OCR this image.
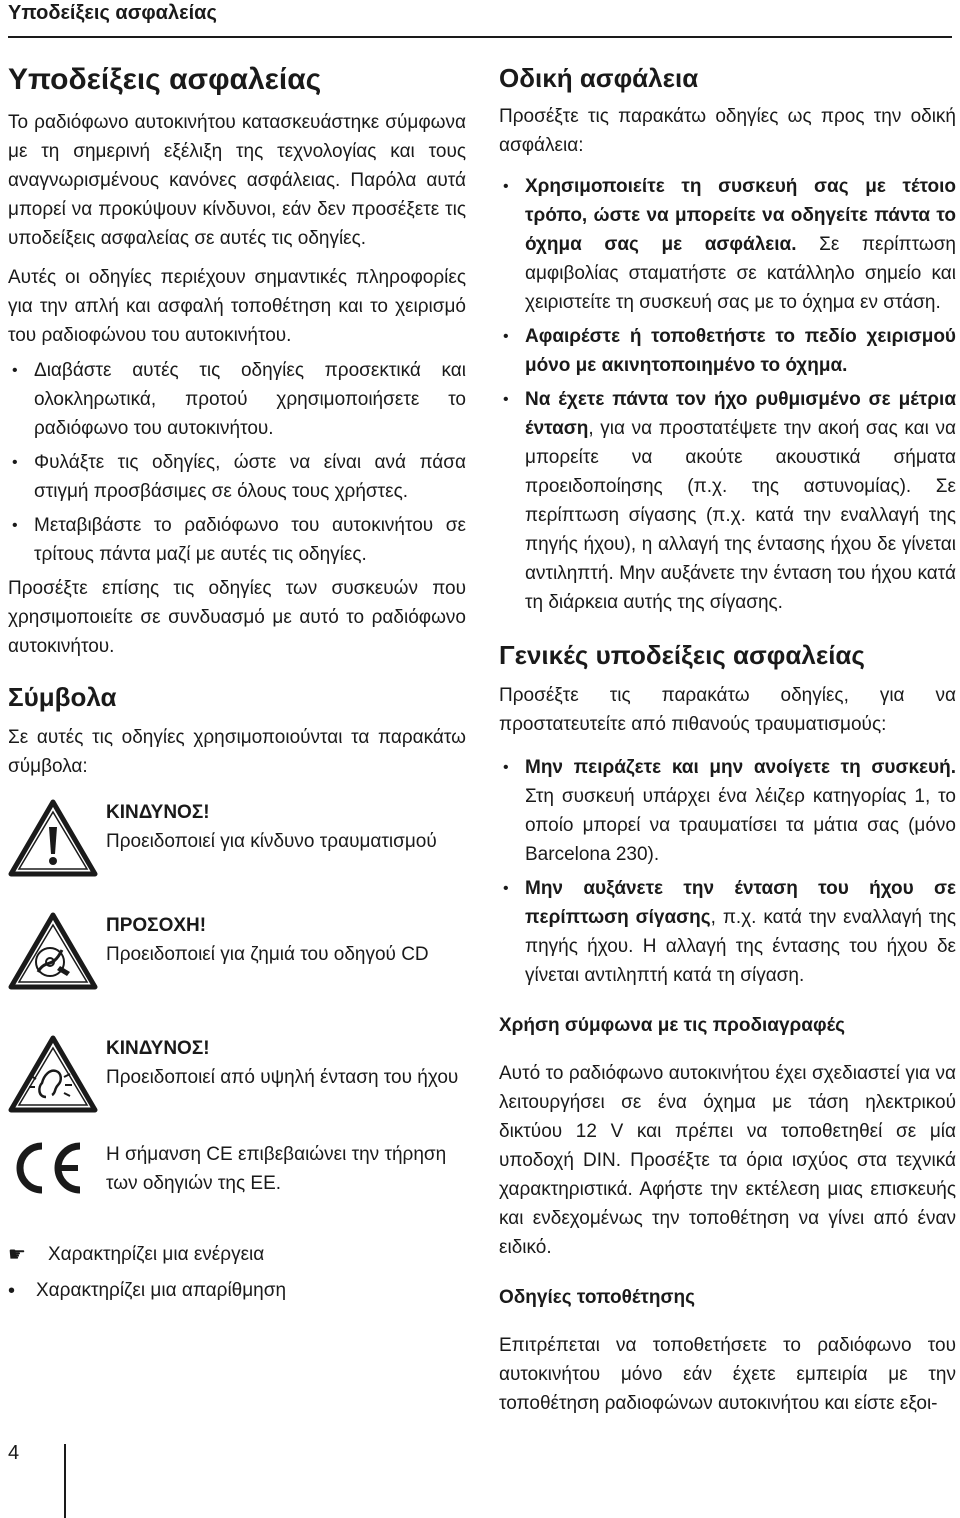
Υποδείξεις ασφαλείας
Υποδείξεις ασφαλείας

Το ραδιόφωνο αυτοκινήτου κατασκευάστηκε σύμφωνα με τη σημερινή εξέλιξη της τεχνολογίας και τους αναγνωρισμένους κανόνες ασφάλειας. Παρόλα αυτά μπορεί να προκύψουν κίνδυνοι, εάν δεν προσέξετε τις υποδείξεις ασφαλείας σε αυτές τις οδηγίες.

Αυτές οι οδηγίες περιέχουν σημαντικές πληροφορίες για την απλή και ασφαλή τοποθέτηση και το χειρισμό του ραδιοφώνου του αυτοκινήτου.

• Διαβάστε αυτές τις οδηγίες προσεκτικά και ολοκληρωτικά, προτού χρησιμοποιήσετε το ραδιόφωνο του αυτοκινήτου.
• Φυλάξτε τις οδηγίες, ώστε να είναι ανά πάσα στιγμή προσβάσιμες σε όλους τους χρήστες.
• Μεταβιβάστε το ραδιόφωνο του αυτοκινήτου σε τρίτους πάντα μαζί με αυτές τις οδηγίες.

Προσέξτε επίσης τις οδηγίες των συσκευών που χρησιμοποιείτε σε συνδυασμό με αυτό το ραδιόφωνο αυτοκινήτου.

Σύμβολα

Σε αυτές τις οδηγίες χρησιμοποιούνται τα παρακάτω σύμβολα:

ΚΙΝΔΥΝΟΣ!
Προειδοποιεί για κίνδυνο τραυματισμού
ΠΡΟΣΟΧΗ!
Προειδοποιεί για ζημιά του οδηγού CD
ΚΙΝΔΥΝΟΣ!
Προειδοποιεί από υψηλή ένταση του ήχου
Η σήμανση CE επιβεβαιώνει την τήρηση των οδηγιών της ΕΕ.
☛	Χαρακτηρίζει μια ενέργεια
•	Χαρακτηρίζει μια απαρίθμηση
Οδική ασφάλεια

Προσέξτε τις παρακάτω οδηγίες ως προς την οδική ασφάλεια:

• Χρησιμοποιείτε τη συσκευή σας με τέτοιο τρόπο, ώστε να μπορείτε να οδηγείτε πάντα το όχημα σας με ασφάλεια. Σε περίπτωση αμφιβολίας σταματήστε σε κατάλληλο σημείο και χειριστείτε τη συσκευή σας με το όχημα εν στάση.
• Αφαιρέστε ή τοποθετήστε το πεδίο χειρισμού μόνο με ακινητοποιημένο το όχημα.
• Να έχετε πάντα τον ήχο ρυθμισμένο σε μέτρια ένταση, για να προστατέψετε την ακοή σας και να μπορείτε να ακούτε ακουστικά σήματα προειδοποίησης (π.χ. της αστυνομίας). Σε περίπτωση σίγασης (π.χ. κατά την εναλλαγή της πηγής ήχου), η αλλαγή της έντασης ήχου δε γίνεται αντιληπτή. Μην αυξάνετε την ένταση του ήχου κατά τη διάρκεια αυτής της σίγασης.
Γενικές υποδείξεις ασφαλείας

Προσέξτε τις παρακάτω οδηγίες, για να προστατευτείτε από πιθανούς τραυματισμούς:

• Μην πειράζετε και μην ανοίγετε τη συσκευή. Στη συσκευή υπάρχει ένα λέιζερ κατηγορίας 1, το οποίο μπορεί να τραυματίσει τα μάτια σας (μόνο Barcelona 230).
• Μην αυξάνετε την ένταση του ήχου σε περίπτωση σίγασης, π.χ. κατά την εναλλαγή της πηγής ήχου. Η αλλαγή της έντασης του ήχου δε γίνεται αντιληπτή κατά τη σίγαση.
Χρήση σύμφωνα με τις προδιαγραφές

Αυτό το ραδιόφωνο αυτοκινήτου έχει σχεδιαστεί για να λειτουργήσει σε ένα όχημα με τάση ηλεκτρικού δικτύου 12 V και πρέπει να τοποθετηθεί σε μία υποδοχή DIN. Προσέξτε τα όρια ισχύος στα τεχνικά χαρακτηριστικά. Αφήστε την εκτέλεση μιας επισκευής και ενδεχομένως την τοποθέτηση να γίνει από έναν ειδικό.

Οδηγίες τοποθέτησης

Επιτρέπεται να τοποθετήσετε το ραδιόφωνο του αυτοκινήτου μόνο εάν έχετε εμπειρία με την τοποθέτηση ραδιοφώνων αυτοκινήτου και είστε εξοι-

4
